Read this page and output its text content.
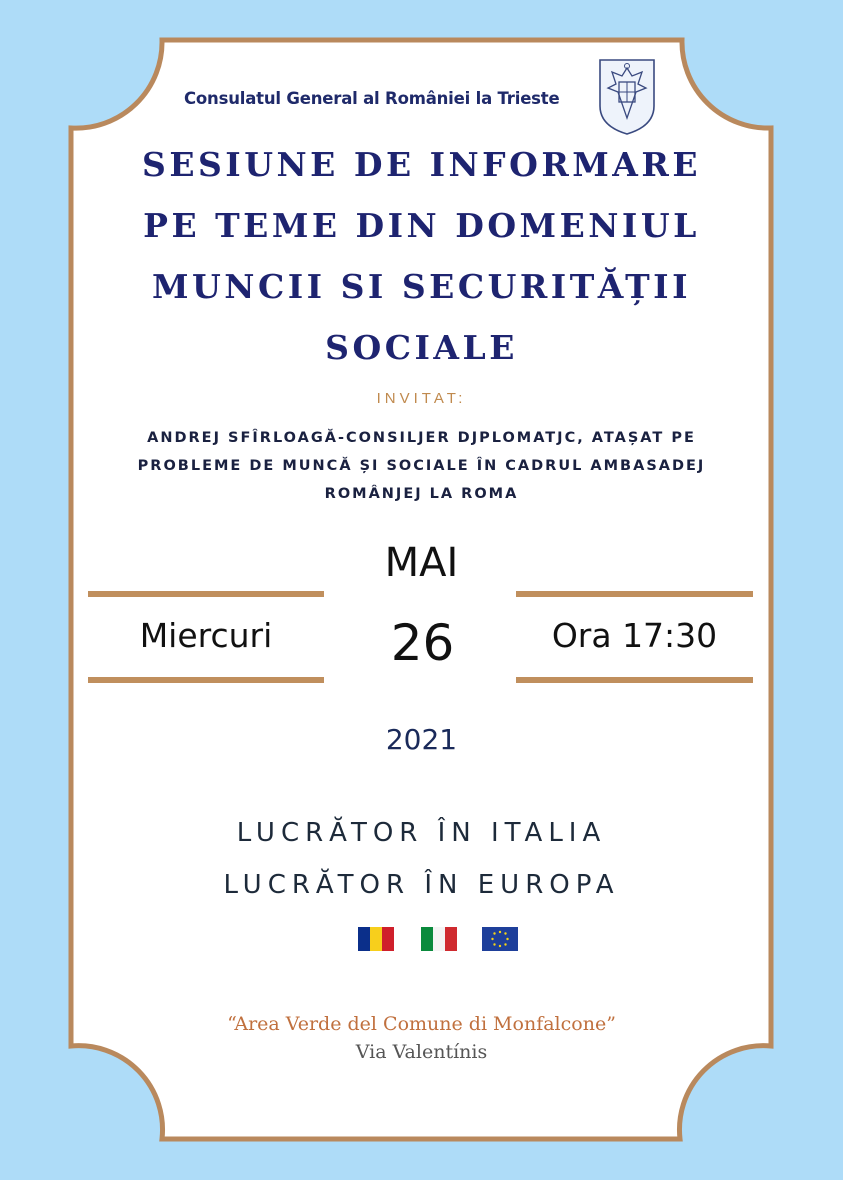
Consulatul General al României la Trieste
SESIUNE DE INFORMARE
PE TEME DIN DOMENIUL
MUNCII SI SECURITĂȚII
SOCIALE
INVITAT:
ANDREJ SFÎRLOAGĂ-CONSILJER DJPLOMATJC, ATAȘAT PE
PROBLEME DE MUNCĂ ȘI SOCIALE ÎN CADRUL AMBASADEJ
ROMÂNJEJ LA ROMA
MAI
Miercuri	26	Ora 17:30
2021
LUCRĂTOR ÎN ITALIA
LUCRĂTOR ÎN EUROPA
“Area Verde del Comune di Monfalcone”
Via Valentínis
